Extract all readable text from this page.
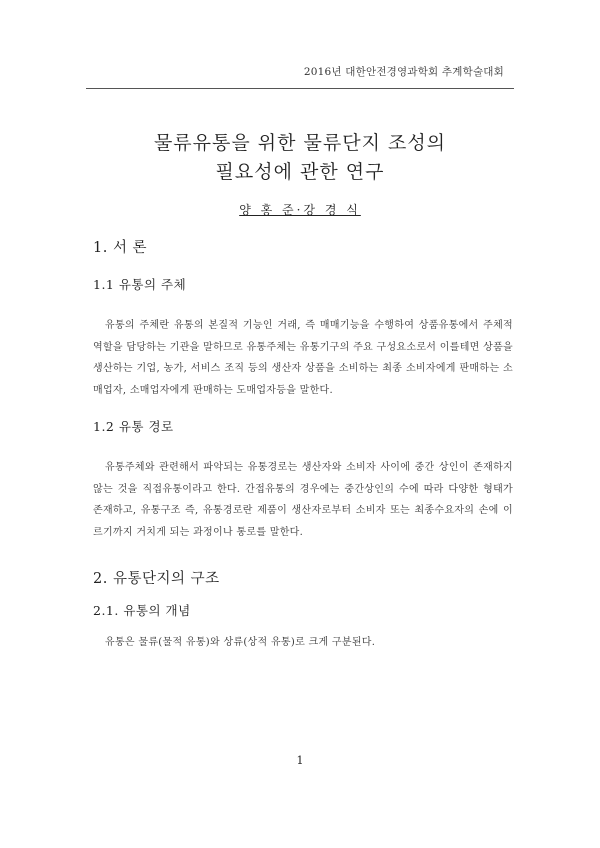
2016년 대한안전경영과학회 추계학술대회
물류유통을 위한 물류단지 조성의
필요성에 관한 연구
양 홍 준·강 경 식
1. 서 론
1.1 유통의 주체
유통의 주체란 유통의 본질적 기능인 거래, 즉 매매기능을 수행하여 상품유통에서 주체적 역할을 담당하는 기관을 말하므로 유통주체는 유통기구의 주요 구성요소로서 이를테면 상품을 생산하는 기업, 농가, 서비스 조직 등의 생산자 상품을 소비하는 최종 소비자에게 판매하는 소매업자, 소매업자에게 판매하는 도매업자등을 말한다.
1.2 유통 경로
유통주체와 관련해서 파악되는 유통경로는 생산자와 소비자 사이에 중간 상인이 존재하지 않는 것을 직접유통이라고 한다. 간접유통의 경우에는 중간상인의 수에 따라 다양한 형태가 존재하고, 유통구조 즉, 유통경로란 제품이 생산자로부터 소비자 또는 최종수요자의 손에 이르기까지 거치게 되는 과정이나 통로를 말한다.
2. 유통단지의 구조
2.1. 유통의 개념
유통은 물류(물적 유통)와 상류(상적 유통)로 크게 구분된다.
1
